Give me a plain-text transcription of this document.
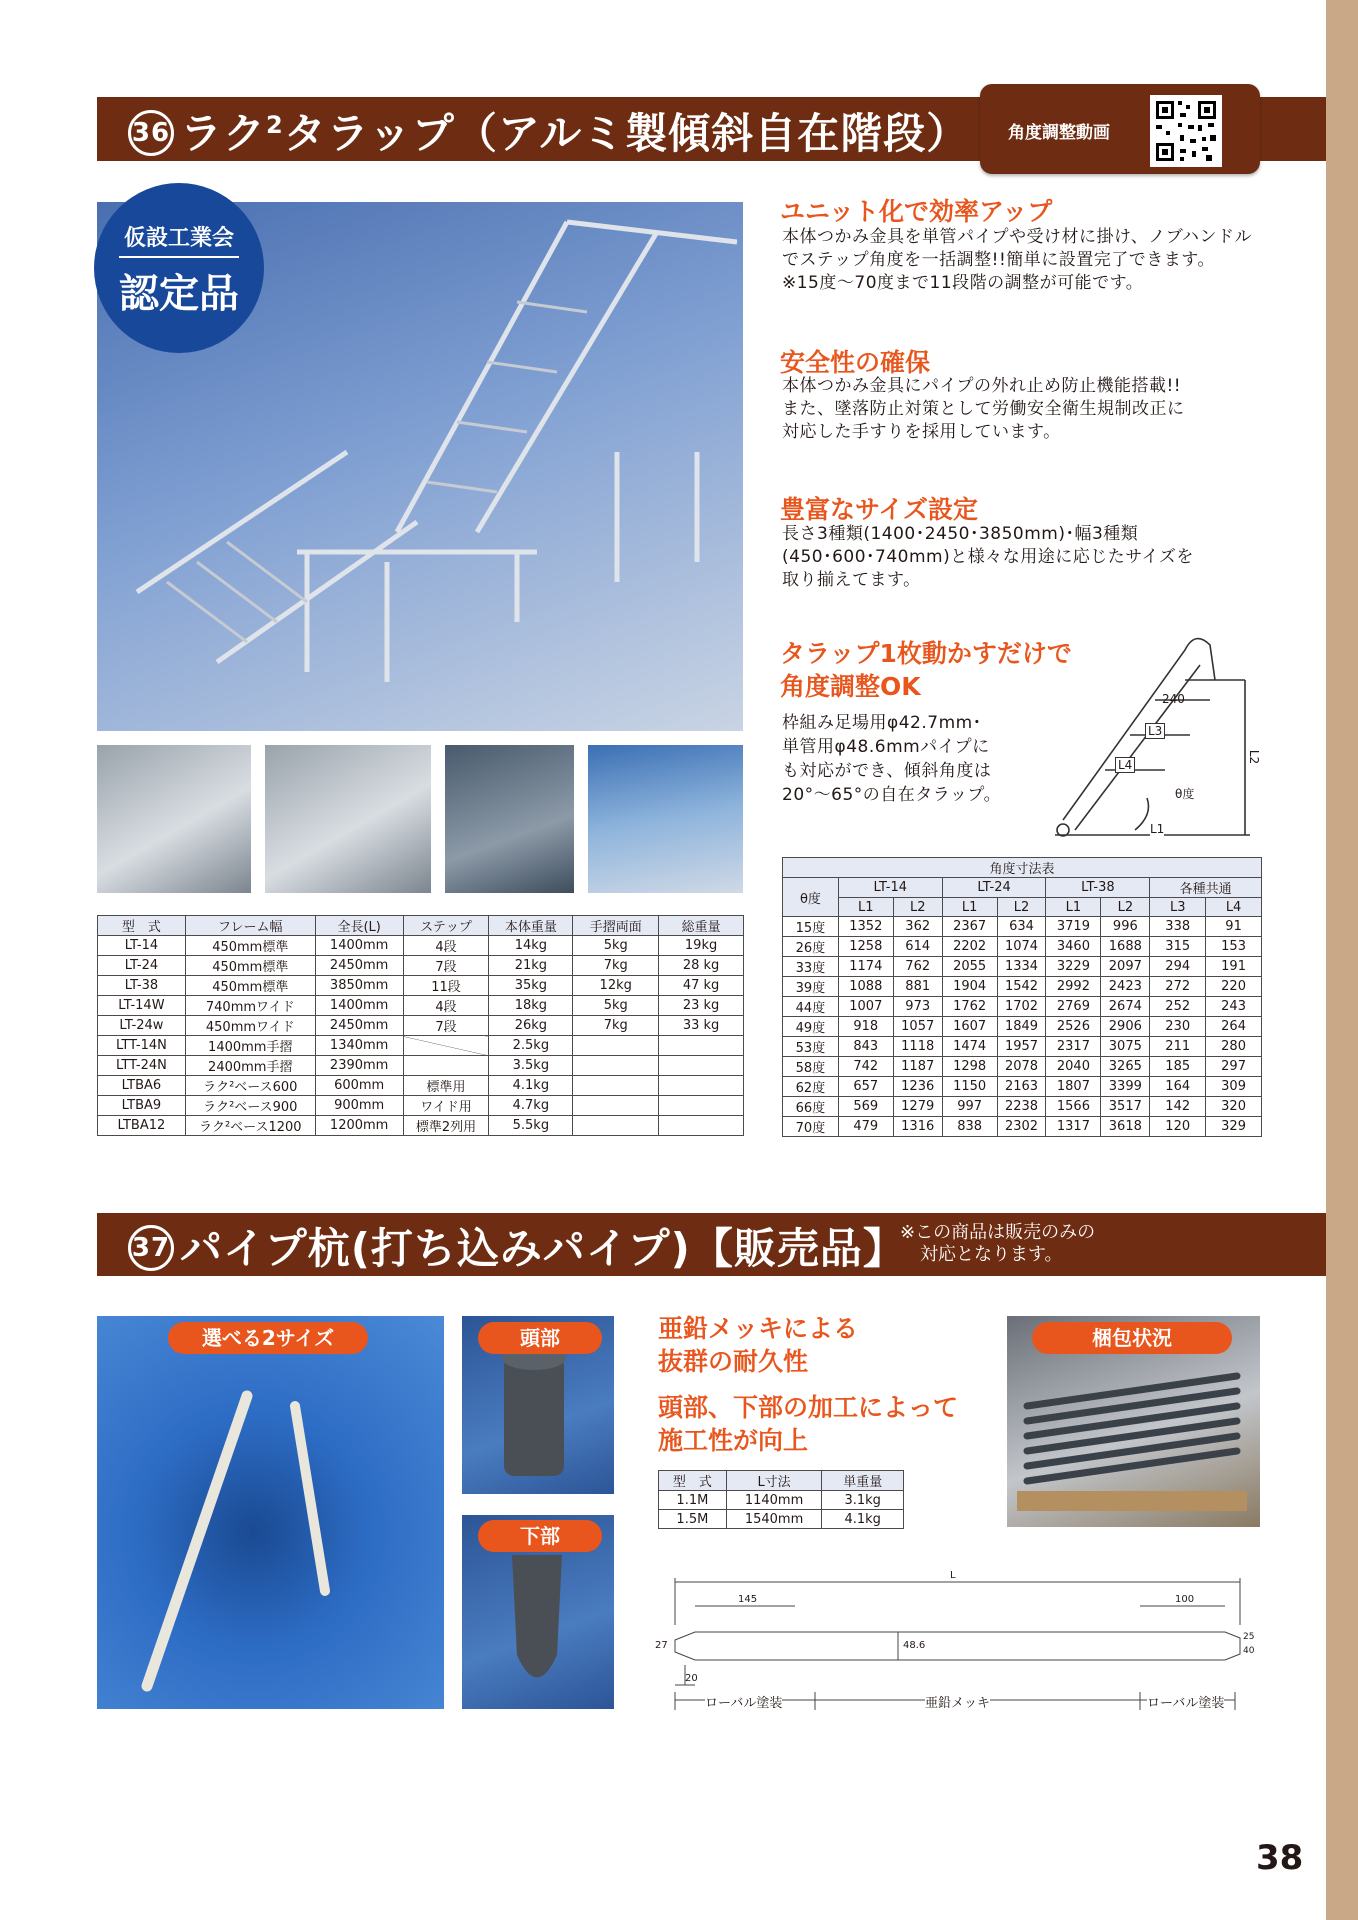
36 ラク$^2$タラップ（アルミ製傾斜自在階段） 角度調整動画
仮設工業会
認定品
ユニット化で効率アップ
本体つかみ金具を単管パイプや受け材に掛け、ノブハンドル
でステップ角度を一括調整!!簡単に設置完了できます。
※15度～70度まで11段階の調整が可能です。
安全性の確保
本体つかみ金具にパイプの外れ止め防止機能搭載!!
また、墜落防止対策として労働安全衛生規制改正に
対応した手すりを採用しています。
豊富なサイズ設定
長さ3種類(1400･2450･3850mm)･幅3種類
(450･600･740mm)と様々な用途に応じたサイズを
取り揃えてます。
タラップ1枚動かすだけで
角度調整OK
枠組み足場用φ42.7mm･
単管用φ48.6mmパイプに
も対応ができ、傾斜角度は
20°～65°の自在タラップ。
240
L3
L4
L2
θ度
L1
型　式	フレーム幅	全長(L)	ステップ	本体重量	手摺両面	総重量
LT-14	450mm標準	1400mm	4段	14kg	5kg	19kg
LT-24	450mm標準	2450mm	7段	21kg	7kg	28 kg
LT-38	450mm標準	3850mm	11段	35kg	12kg	47 kg
LT-14W	740mmワイド	1400mm	4段	18kg	5kg	23 kg
LT-24w	450mmワイド	2450mm	7段	26kg	7kg	33 kg
LTT-14N	1400mm手摺	1340mm		2.5kg		
LTT-24N	2400mm手摺	2390mm		3.5kg		
LTBA6	ラク²ベース600	600mm	標準用	4.1kg		
LTBA9	ラク²ベース900	900mm	ワイド用	4.7kg		
LTBA12	ラク²ベース1200	1200mm	標準2列用	5.5kg		
角度寸法表								
θ度	LT-14		LT-24		LT-38		各種共通	
	L1	L2	L1	L2	L1	L2	L3	L4
15度	1352	362	2367	634	3719	996	338	91
26度	1258	614	2202	1074	3460	1688	315	153
33度	1174	762	2055	1334	3229	2097	294	191
39度	1088	881	1904	1542	2992	2423	272	220
44度	1007	973	1762	1702	2769	2674	252	243
49度	918	1057	1607	1849	2526	2906	230	264
53度	843	1118	1474	1957	2317	3075	211	280
58度	742	1187	1298	2078	2040	3265	185	297
62度	657	1236	1150	2163	1807	3399	164	309
66度	569	1279	997	2238	1566	3517	142	320
70度	479	1316	838	2302	1317	3618	120	329
37 パイプ杭(打ち込みパイプ)【販売品】
※この商品は販売のみの
対応となります。
選べる2サイズ	頭部
下部
亜鉛メッキによる
抜群の耐久性
頭部、下部の加工によって
施工性が向上
型　式	L寸法	単重量
1.1M	1140mm	3.1kg
1.5M	1540mm	4.1kg
梱包状況
L
145	100
27	48.6
25
40
20
ローバル塗装	亜鉛メッキ	ローバル塗装
38
